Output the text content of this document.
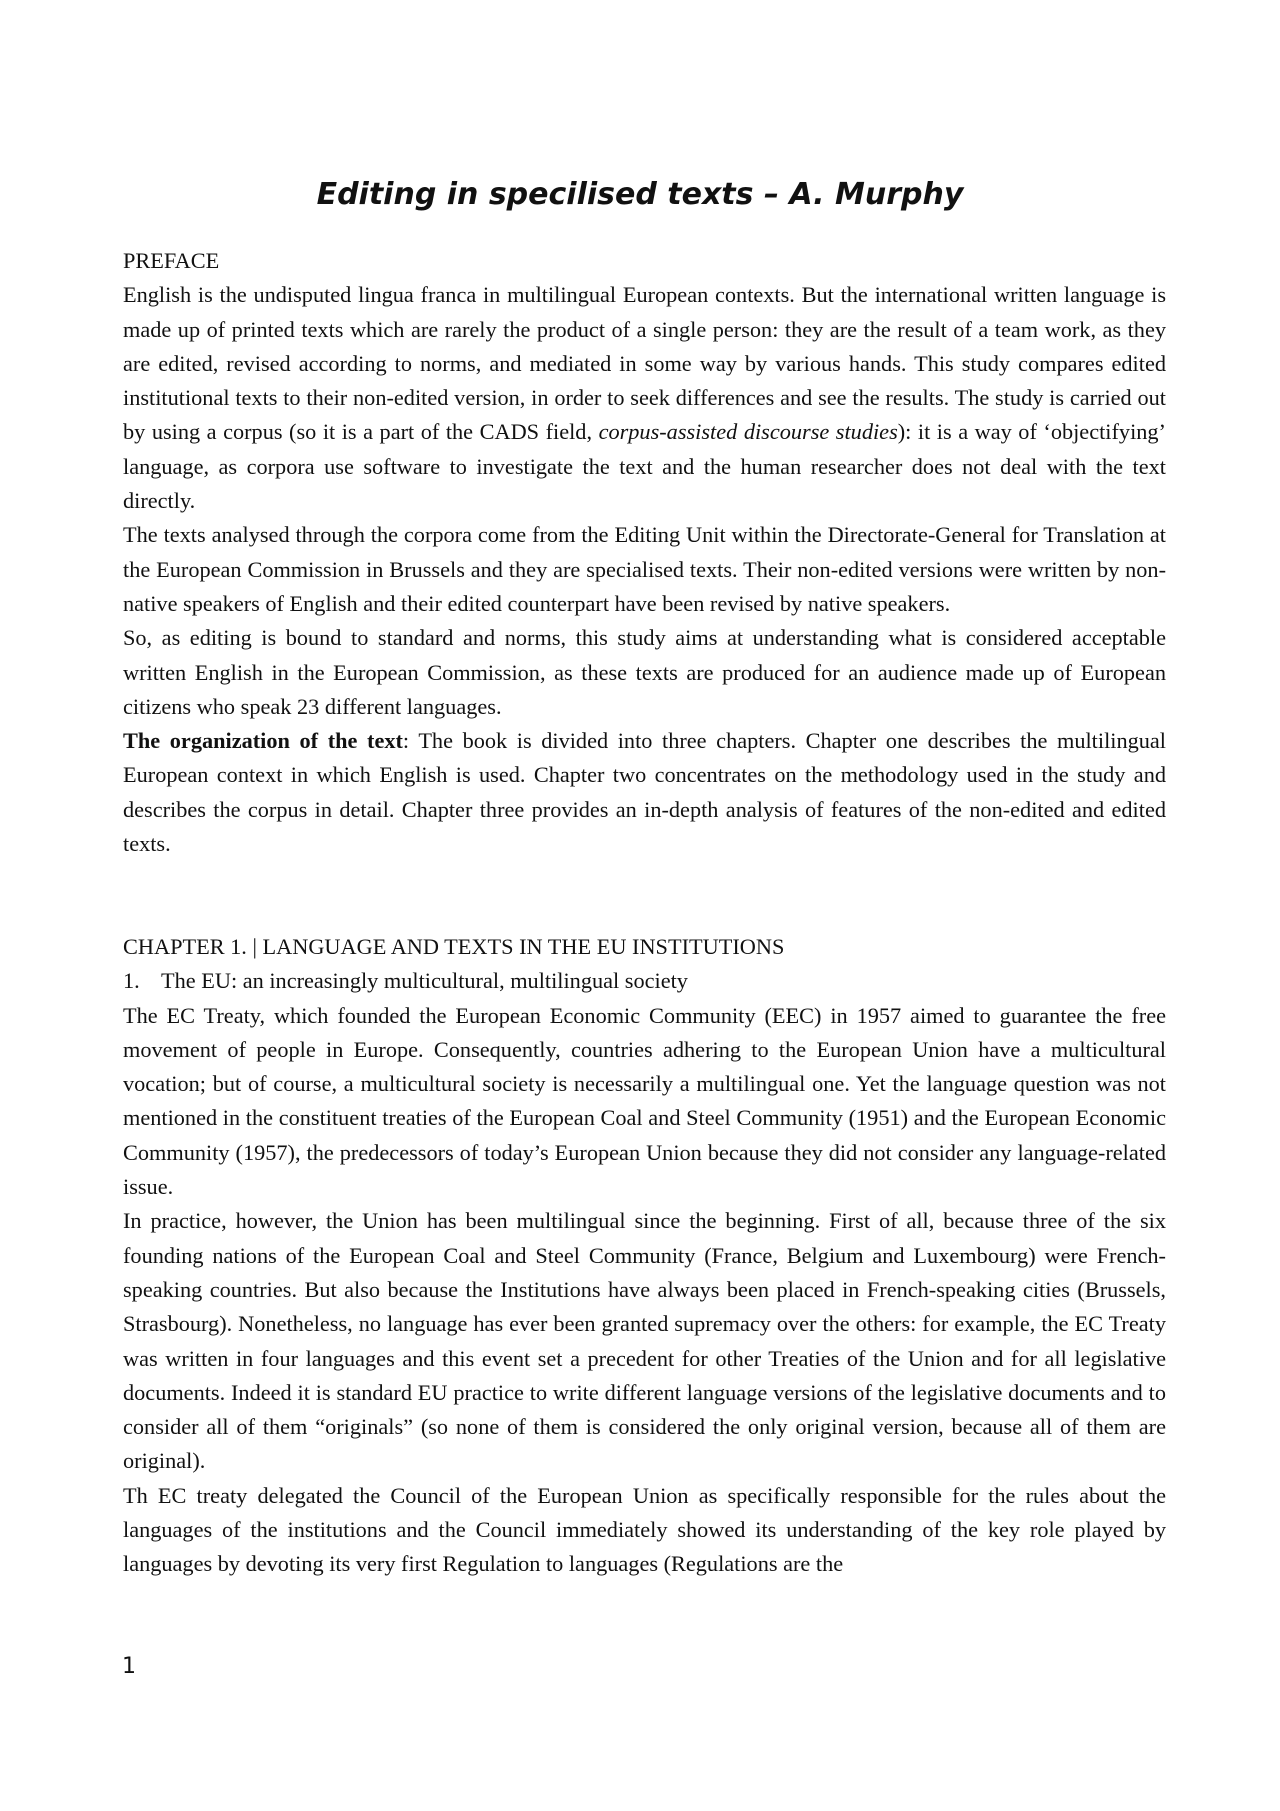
Editing in specilised texts – A. Murphy

PREFACE

English is the undisputed lingua franca in multilingual European contexts. But the international written language is made up of printed texts which are rarely the product of a single person: they are the result of a team work, as they are edited, revised according to norms, and mediated in some way by various hands. This study compares edited institutional texts to their non-edited version, in order to seek differences and see the results. The study is carried out by using a corpus (so it is a part of the CADS field, corpus-assisted discourse studies): it is a way of ‘objectifying’ language, as corpora use software to investigate the text and the human researcher does not deal with the text directly.

The texts analysed through the corpora come from the Editing Unit within the Directorate-General for Translation at the European Commission in Brussels and they are specialised texts. Their non-edited versions were written by non-native speakers of English and their edited counterpart have been revised by native speakers.

So, as editing is bound to standard and norms, this study aims at understanding what is considered acceptable written English in the European Commission, as these texts are produced for an audience made up of European citizens who speak 23 different languages.

The organization of the text: The book is divided into three chapters. Chapter one describes the multilingual European context in which English is used. Chapter two concentrates on the methodology used in the study and describes the corpus in detail. Chapter three provides an in-depth analysis of features of the non-edited and edited texts.

CHAPTER 1. | LANGUAGE AND TEXTS IN THE EU INSTITUTIONS

1. The EU: an increasingly multicultural, multilingual society

The EC Treaty, which founded the European Economic Community (EEC) in 1957 aimed to guarantee the free movement of people in Europe. Consequently, countries adhering to the European Union have a multicultural vocation; but of course, a multicultural society is necessarily a multilingual one. Yet the language question was not mentioned in the constituent treaties of the European Coal and Steel Community (1951) and the European Economic Community (1957), the predecessors of today’s European Union because they did not consider any language-related issue.

In practice, however, the Union has been multilingual since the beginning. First of all, because three of the six founding nations of the European Coal and Steel Community (France, Belgium and Luxembourg) were French-speaking countries. But also because the Institutions have always been placed in French-speaking cities (Brussels, Strasbourg). Nonetheless, no language has ever been granted supremacy over the others: for example, the EC Treaty was written in four languages and this event set a precedent for other Treaties of the Union and for all legislative documents. Indeed it is standard EU practice to write different language versions of the legislative documents and to consider all of them “originals” (so none of them is considered the only original version, because all of them are original).

Th EC treaty delegated the Council of the European Union as specifically responsible for the rules about the languages of the institutions and the Council immediately showed its understanding of the key role played by languages by devoting its very first Regulation to languages (Regulations are the

1
